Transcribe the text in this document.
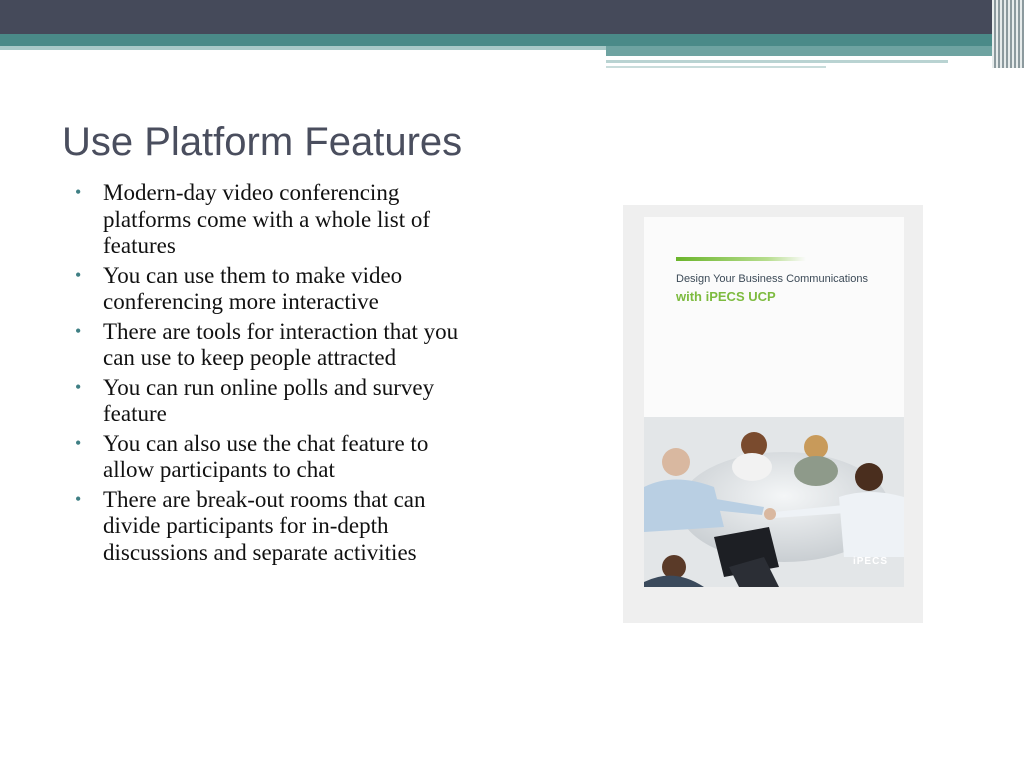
Use Platform Features
• Modern-day video conferencing platforms come with a whole list of features
• You can use them to make video conferencing more interactive
• There are tools for interaction that you can use to keep people attracted
• You can run online polls and survey feature
• You can also use the chat feature to allow participants to chat
• There are break-out rooms that can divide participants for in-depth discussions and separate activities
Design Your Business Communications
with iPECS UCP
iPECS
